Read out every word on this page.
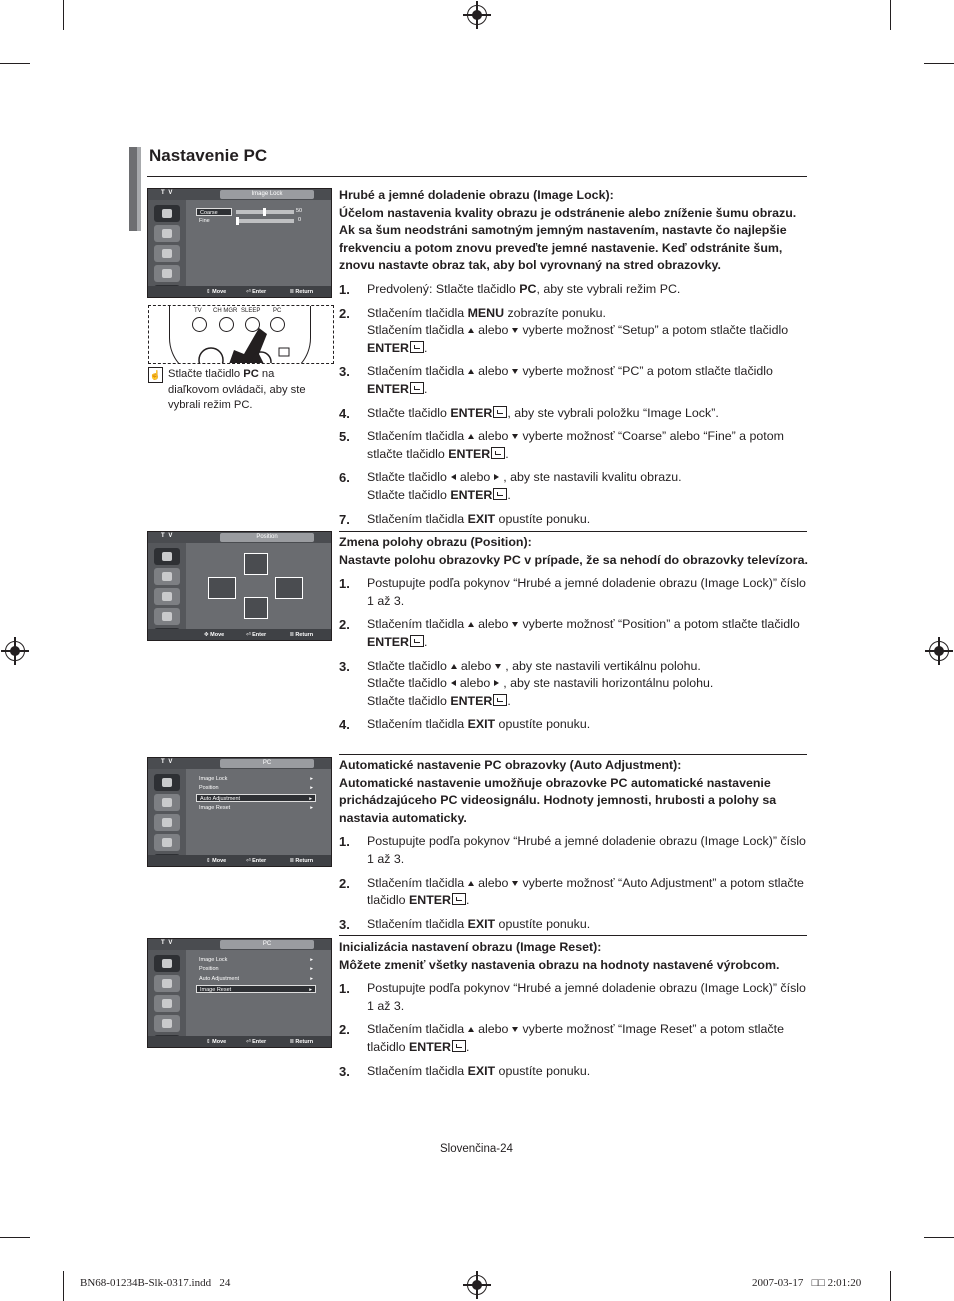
Nastavenie PC
T V	Image Lock
Coarse	50
Fine	0
⇕ Move	⏎ Enter	Ⅲ Return
TV CH MGR SLEEP PC
☝ Stlačte tlačidlo PC na diaľkovom ovládači, aby ste vybrali režim PC.
Hrubé a jemné doladenie obrazu (Image Lock):
Účelom nastavenia kvality obrazu je odstránenie alebo zníženie šumu obrazu. Ak sa šum neodstráni samotným jemným nastavením, nastavte čo najlepšie frekvenciu a potom znovu preveďte jemné nastavenie. Keď odstránite šum, znovu nastavte obraz tak, aby bol vyrovnaný na stred obrazovky.
1. Predvolený: Stlačte tlačidlo PC, aby ste vybrali režim PC.

2. Stlačením tlačidla MENU zobrazíte ponuku.

Stlačením tlačidla alebo vyberte možnosť “Setup” a potom stlačte tlačidlo ENTER .

3. Stlačením tlačidla alebo vyberte možnosť “PC” a potom stlačte tlačidlo ENTER .

4. Stlačte tlačidlo ENTER , aby ste vybrali položku “Image Lock”.

5. Stlačením tlačidla alebo vyberte možnosť “Coarse” alebo “Fine” a potom stlačte tlačidlo ENTER .

6. Stlačte tlačidlo alebo , aby ste nastavili kvalitu obrazu.

Stlačte tlačidlo ENTER .

7. Stlačením tlačidla EXIT opustíte ponuku.

T V	Position
✥ Move	⏎ Enter	Ⅲ Return
Zmena polohy obrazu (Position):
Nastavte polohu obrazovky PC v prípade, že sa nehodí do obrazovky televízora.
1. Postupujte podľa pokynov “Hrubé a jemné doladenie obrazu (Image Lock)” číslo 1 až 3.

2. Stlačením tlačidla alebo vyberte možnosť “Position” a potom stlačte tlačidlo ENTER .

3. Stlačte tlačidlo alebo , aby ste nastavili vertikálnu polohu.

Stlačte tlačidlo alebo , aby ste nastavili horizontálnu polohu.

Stlačte tlačidlo ENTER .

4. Stlačením tlačidla EXIT opustíte ponuku.

T V	PC
Image Lock	▸
Position	▸
Auto Adjustment	▸
Image Reset	▸
⇕ Move	⏎ Enter	Ⅲ Return
Automatické nastavenie PC obrazovky (Auto Adjustment):
Automatické nastavenie umožňuje obrazovke PC automatické nastavenie prichádzajúceho PC videosignálu. Hodnoty jemnosti, hrubosti a polohy sa nastavia automaticky.
1. Postupujte podľa pokynov “Hrubé a jemné doladenie obrazu (Image Lock)” číslo 1 až 3.

2. Stlačením tlačidla alebo vyberte možnosť “Auto Adjustment” a potom stlačte tlačidlo ENTER .

3. Stlačením tlačidla EXIT opustíte ponuku.

T V	PC
Image Lock	▸
Position	▸
Auto Adjustment	▸
Image Reset	▸
⇕ Move	⏎ Enter	Ⅲ Return
Inicializácia nastavení obrazu (Image Reset):
Môžete zmeniť všetky nastavenia obrazu na hodnoty nastavené výrobcom.
1. Postupujte podľa pokynov “Hrubé a jemné doladenie obrazu (Image Lock)” číslo 1 až 3.

2. Stlačením tlačidla alebo vyberte možnosť “Image Reset” a potom stlačte tlačidlo ENTER .

3. Stlačením tlačidla EXIT opustíte ponuku.

Slovenčina-24
BN68-01234B-Slk-0317.indd   24	2007-03-17   □□ 2:01:20
